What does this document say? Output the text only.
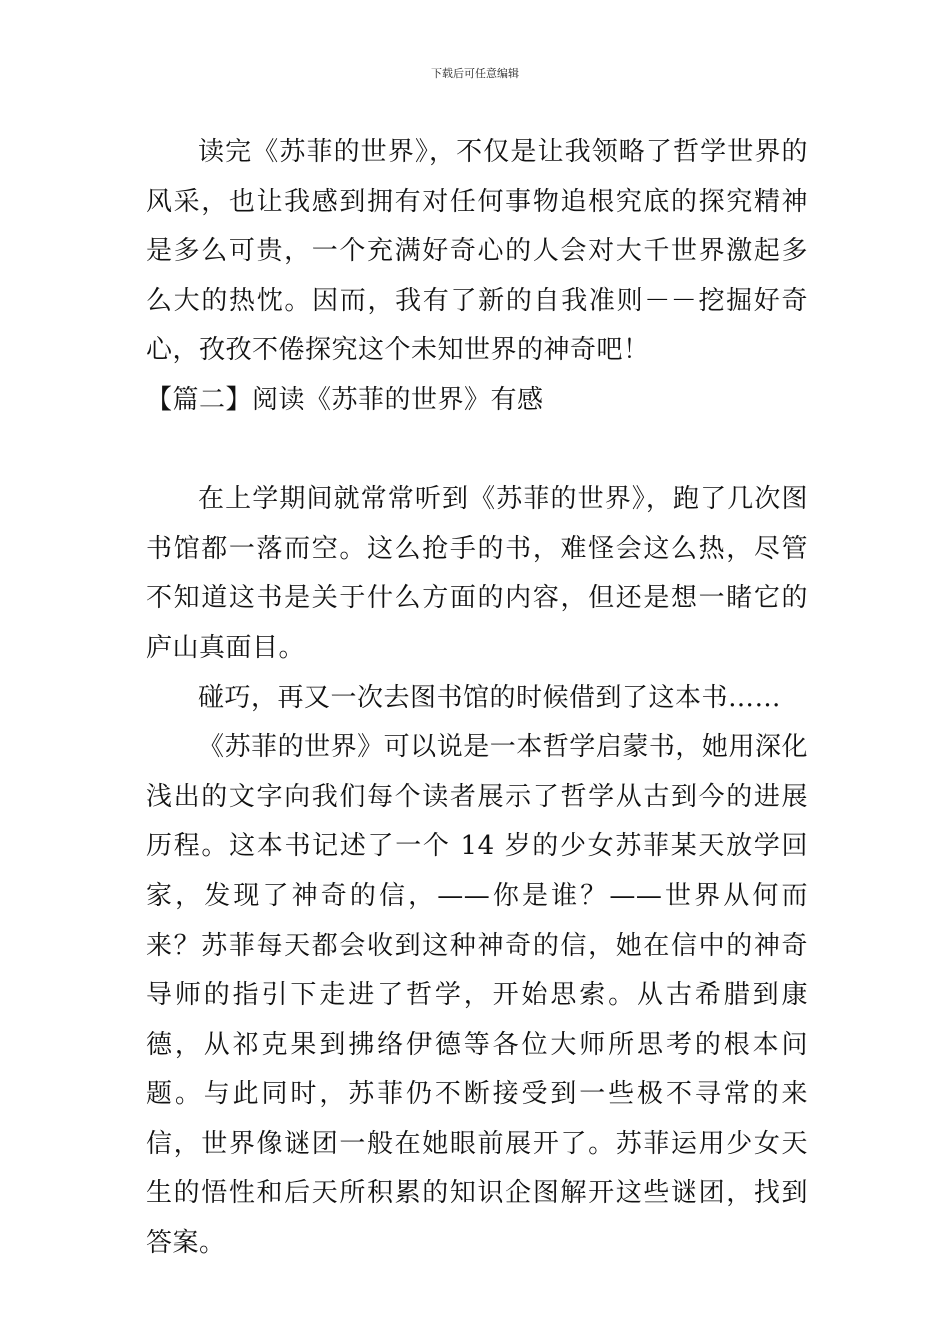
下载后可任意编辑

读完《苏菲的世界》，不仅是让我领略了哲学世界的风采，也让我感到拥有对任何事物追根究底的探究精神是多么可贵，一个充满好奇心的人会对大千世界激起多么大的热忱。因而，我有了新的自我准则－－挖掘好奇心，孜孜不倦探究这个未知世界的神奇吧！

【篇二】阅读《苏菲的世界》有感

在上学期间就常常听到《苏菲的世界》，跑了几次图书馆都一落而空。这么抢手的书，难怪会这么热，尽管不知道这书是关于什么方面的内容，但还是想一睹它的庐山真面目。

碰巧，再又一次去图书馆的时候借到了这本书……

《苏菲的世界》可以说是一本哲学启蒙书，她用深化浅出的文字向我们每个读者展示了哲学从古到今的进展历程。这本书记述了一个 14 岁的少女苏菲某天放学回家，发现了神奇的信，——你是谁？——世界从何而来？苏菲每天都会收到这种神奇的信，她在信中的神奇导师的指引下走进了哲学，开始思索。从古希腊到康德，从祁克果到拂络伊德等各位大师所思考的根本问题。与此同时，苏菲仍不断接受到一些极不寻常的来信，世界像谜团一般在她眼前展开了。苏菲运用少女天生的悟性和后天所积累的知识企图解开这些谜团，找到答案。
